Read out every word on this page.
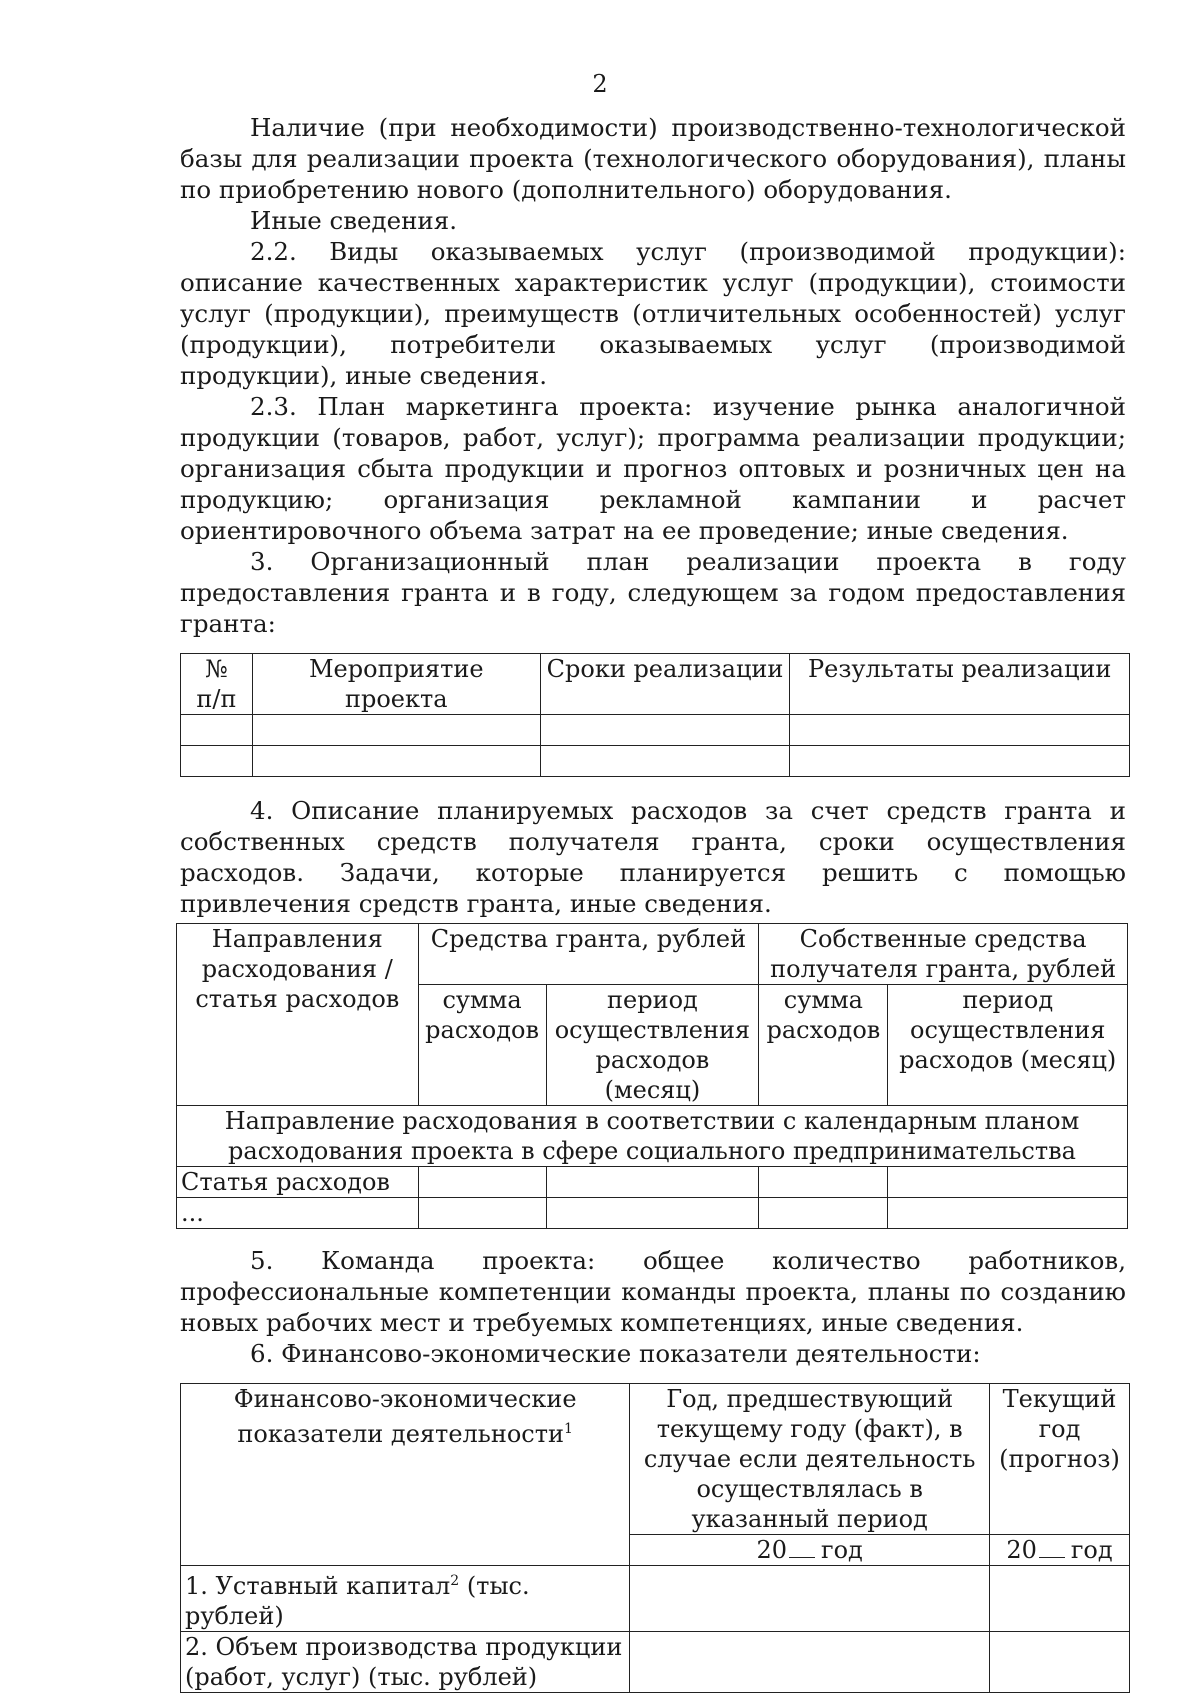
2

Наличие (при необходимости) производственно-технологической базы для реализации проекта (технологического оборудования), планы по приобретению нового (дополнительного) оборудования.

Иные сведения.

2.2. Виды оказываемых услуг (производимой продукции): описание качественных характеристик услуг (продукции), стоимости услуг (продукции), преимуществ (отличительных особенностей) услуг (продукции), потребители оказываемых услуг (производимой продукции), иные сведения.

2.3. План маркетинга проекта: изучение рынка аналогичной продукции (товаров, работ, услуг); программа реализации продукции; организация сбыта продукции и прогноз оптовых и розничных цен на продукцию; организация рекламной кампании и расчет ориентировочного объема затрат на ее проведение; иные сведения.

3. Организационный план реализации проекта в году предоставления гранта и в году, следующем за годом предоставления гранта:

№
п/п	Мероприятие проекта	Сроки реализации	Результаты реализации

4. Описание планируемых расходов за счет средств гранта и собственных средств получателя гранта, сроки осуществления расходов. Задачи, которые планируется решить с помощью привлечения средств гранта, иные сведения.

Направления расходования / статья расходов	Средства гранта, рублей		Собственные средства получателя гранта, рублей	
	сумма расходов	период осуществления расходов (месяц)	сумма расходов	период осуществления расходов (месяц)
Направление расходования в соответствии с календарным планом расходования проекта в сфере социального предпринимательства				
Статья расходов				
...				

5. Команда проекта: общее количество работников, профессиональные компетенции команды проекта, планы по созданию новых рабочих мест и требуемых компетенциях, иные сведения.

6. Финансово-экономические показатели деятельности:

Финансово-экономические показатели деятельности$^1$	Год, предшествующий текущему году (факт), в случае если деятельность осуществлялась в указанный период	Текущий год (прогноз)
	20 год	20 год
1. Уставный капитал$^2$ (тыс. рублей)		
2. Объем производства продукции (работ, услуг) (тыс. рублей)		
